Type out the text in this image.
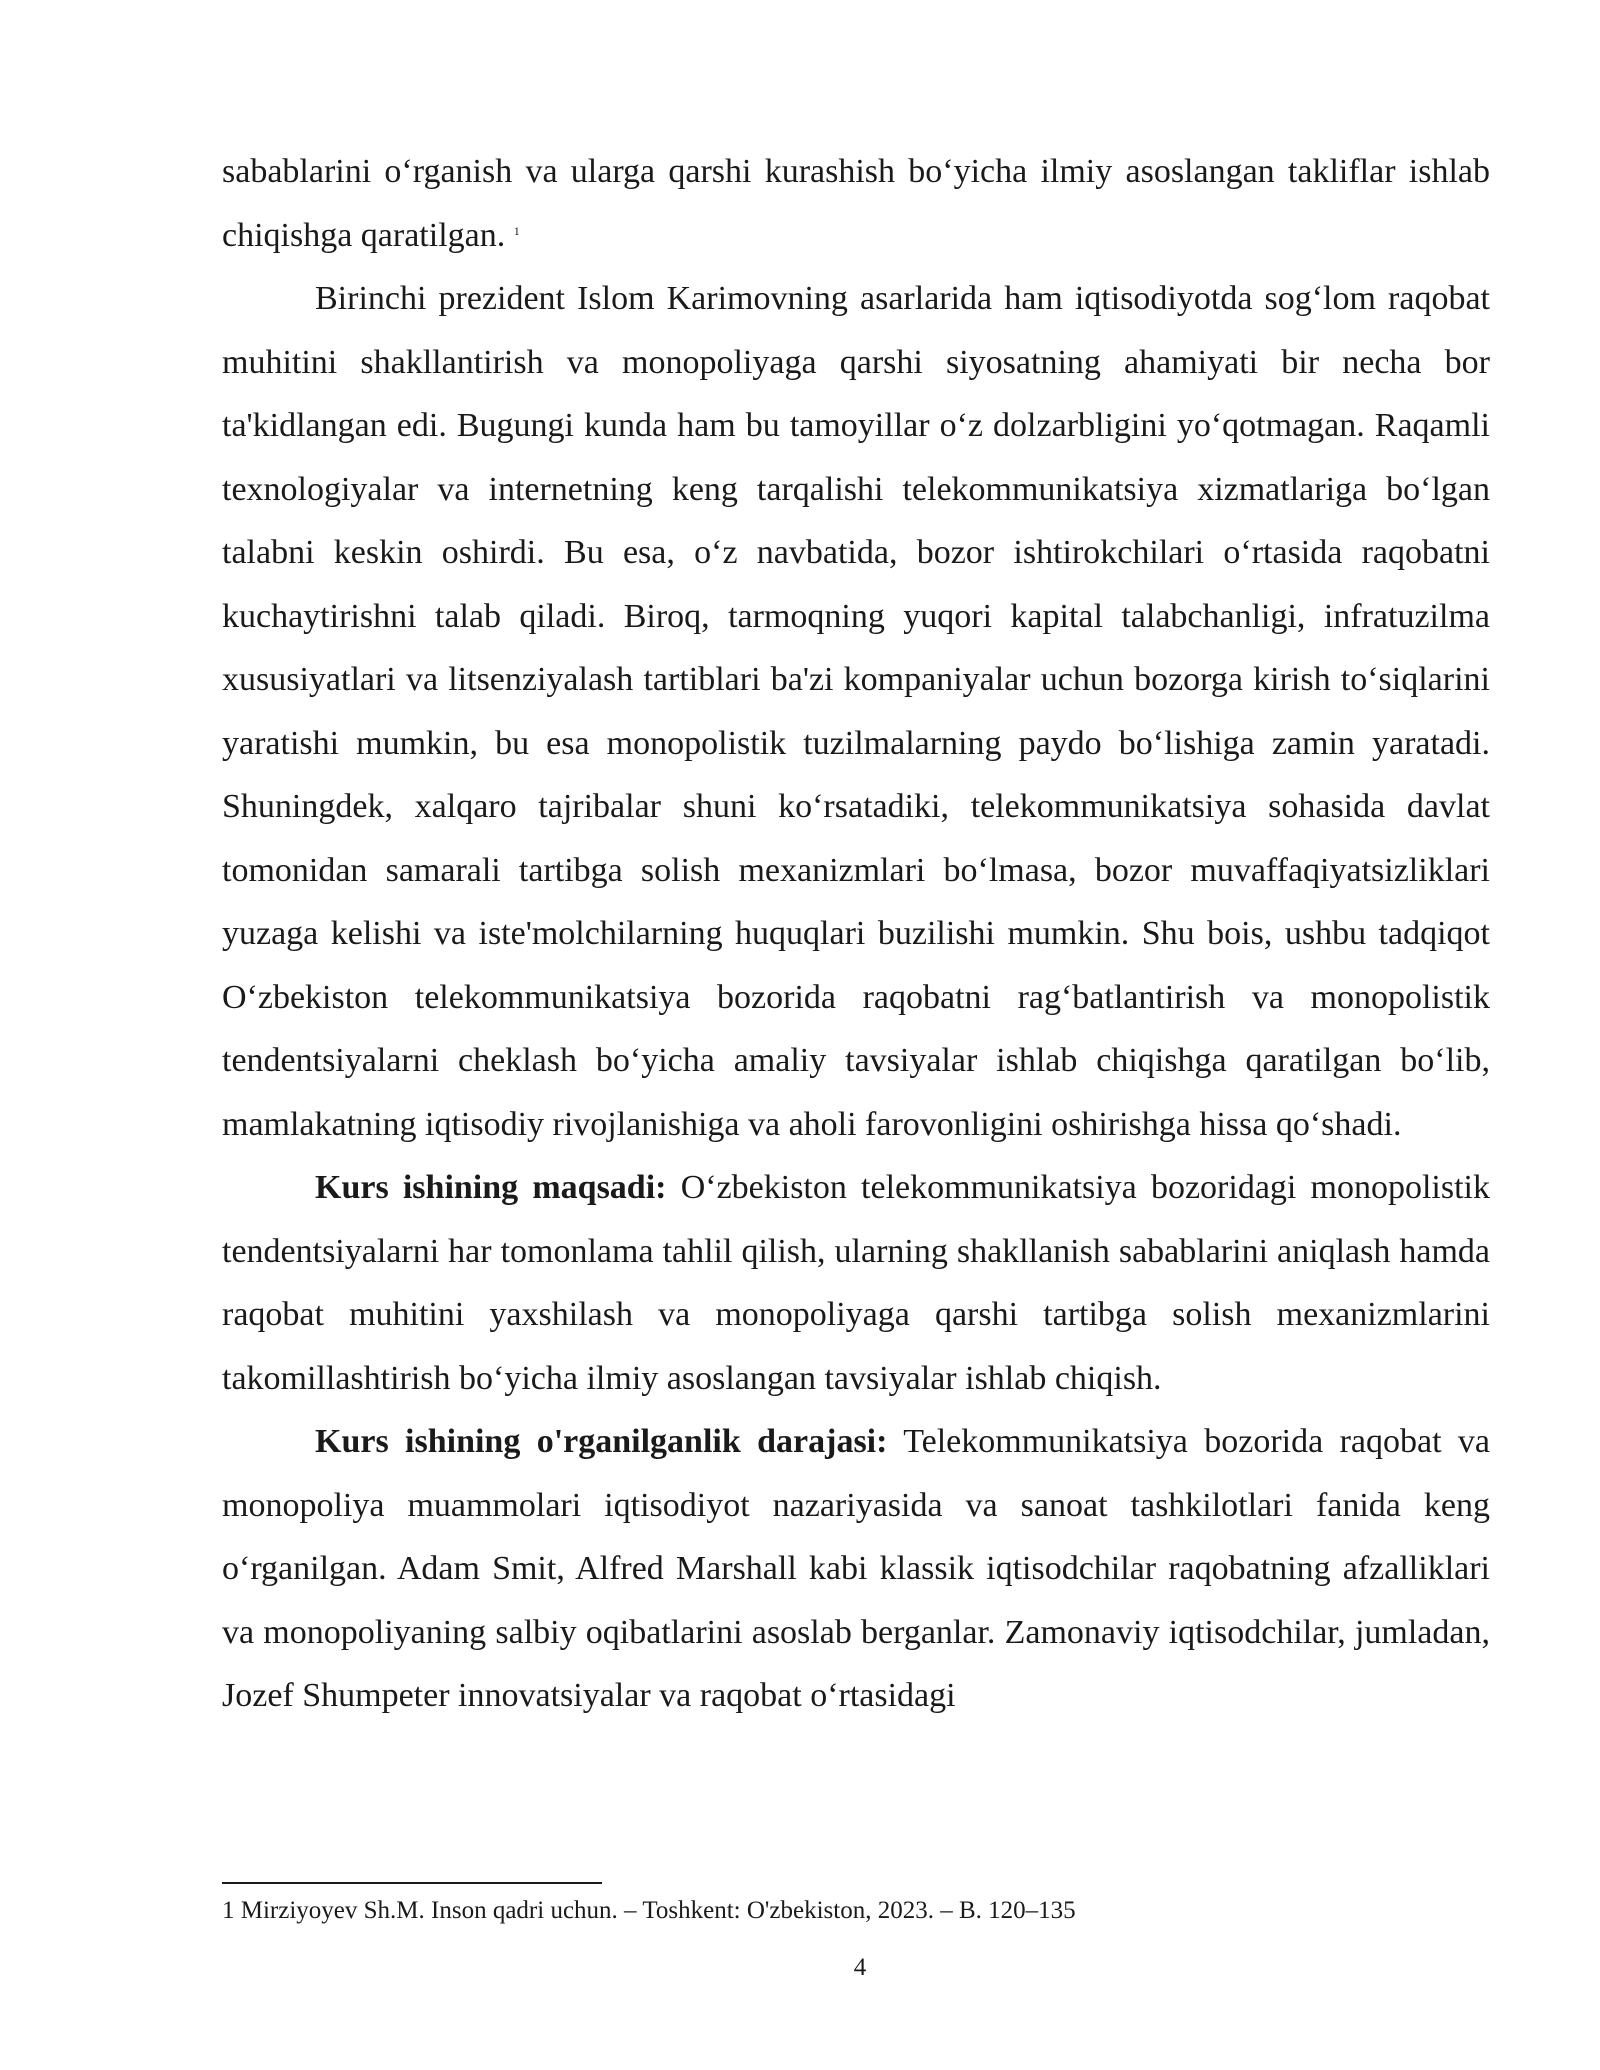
sabablarini oʻrganish va ularga qarshi kurashish boʻyicha ilmiy asoslangan takliflar ishlab chiqishga qaratilgan. $^1$

Birinchi prezident Islom Karimovning asarlarida ham iqtisodiyotda sogʻlom raqobat muhitini shakllantirish va monopoliyaga qarshi siyosatning ahamiyati bir necha bor ta'kidlangan edi. Bugungi kunda ham bu tamoyillar oʻz dolzarbligini yoʻqotmagan. Raqamli texnologiyalar va internetning keng tarqalishi telekommunikatsiya xizmatlariga boʻlgan talabni keskin oshirdi. Bu esa, oʻz navbatida, bozor ishtirokchilari oʻrtasida raqobatni kuchaytirishni talab qiladi. Biroq, tarmoqning yuqori kapital talabchanligi, infratuzilma xususiyatlari va litsenziyalash tartiblari ba'zi kompaniyalar uchun bozorga kirish toʻsiqlarini yaratishi mumkin, bu esa monopolistik tuzilmalarning paydo boʻlishiga zamin yaratadi. Shuningdek, xalqaro tajribalar shuni koʻrsatadiki, telekommunikatsiya sohasida davlat tomonidan samarali tartibga solish mexanizmlari boʻlmasa, bozor muvaffaqiyatsizliklari yuzaga kelishi va iste'molchilarning huquqlari buzilishi mumkin. Shu bois, ushbu tadqiqot Oʻzbekiston telekommunikatsiya bozorida raqobatni ragʻbatlantirish va monopolistik tendentsiyalarni cheklash boʻyicha amaliy tavsiyalar ishlab chiqishga qaratilgan boʻlib, mamlakatning iqtisodiy rivojlanishiga va aholi farovonligini oshirishga hissa qoʻshadi.

Kurs ishining maqsadi: Oʻzbekiston telekommunikatsiya bozoridagi monopolistik tendentsiyalarni har tomonlama tahlil qilish, ularning shakllanish sabablarini aniqlash hamda raqobat muhitini yaxshilash va monopoliyaga qarshi tartibga solish mexanizmlarini takomillashtirish boʻyicha ilmiy asoslangan tavsiyalar ishlab chiqish.

Kurs ishining o'rganilganlik darajasi: Telekommunikatsiya bozorida raqobat va monopoliya muammolari iqtisodiyot nazariyasida va sanoat tashkilotlari fanida keng oʻrganilgan. Adam Smit, Alfred Marshall kabi klassik iqtisodchilar raqobatning afzalliklari va monopoliyaning salbiy oqibatlarini asoslab berganlar. Zamonaviy iqtisodchilar, jumladan, Jozef Shumpeter innovatsiyalar va raqobat oʻrtasidagi

1 Mirziyoyev Sh.M. Inson qadri uchun. – Toshkent: O'zbekiston, 2023. – B. 120–135
4
